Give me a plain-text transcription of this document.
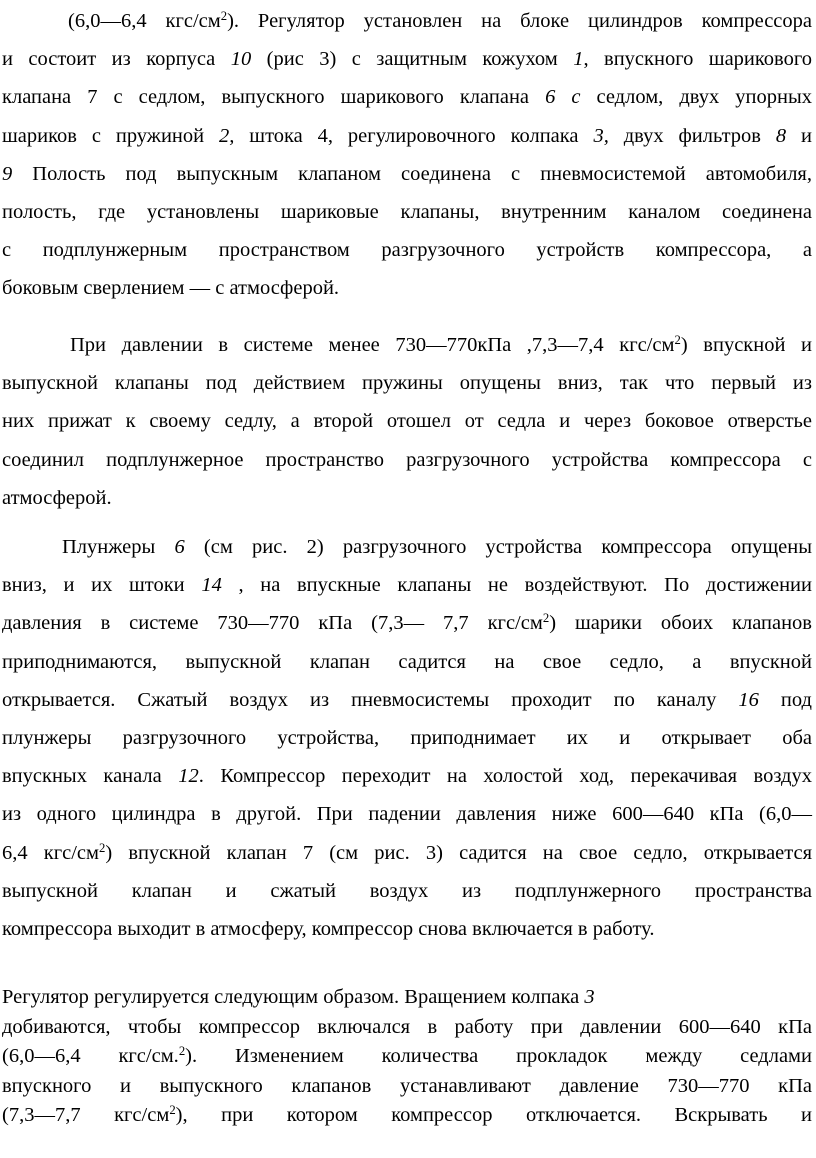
(6,0—6,4 кгс/$см^2$). Регулятор установлен на блоке цилиндров компрессора
и состоит из корпуса 10 (рис 3) с защитным кожухом 1, впускного шарикового
клапана 7 с седлом, выпускного шарикового клапана 6 с седлом, двух упорных
шариков с пружиной 2, штока 4, регулировочного колпака 3, двух фильтров 8 и
9 Полость под выпускным клапаном соединена с пневмосистемой автомобиля,
полость, где установлены шариковые клапаны, внутренним каналом соединена
с подплунжерным пространством разгрузочного устройств компрессора, а
боковым сверлением — с атмосферой.
При давлении в системе менее 730—770кПа ,7,3—7,4 кгс/$см^2$) впускной и
выпускной клапаны под действием пружины опущены вниз, так что первый из
них прижат к своему седлу, а второй отошел от седла и через боковое отверстье
соединил подплунжерное пространство разгрузочного устройства компрессора с
атмосферой.
Плунжеры 6 (см рис. 2) разгрузочного устройства компрессора опущены
вниз, и их штоки 14 , на впускные клапаны не воздействуют. По достижении
давления в системе 730—770 кПа (7,3— 7,7 кгс/$см^2$) шарики обоих клапанов
приподнимаются, выпускной клапан садится на свое седло, а впускной
открывается. Сжатый воздух из пневмосистемы проходит по каналу 16 под
плунжеры разгрузочного устройства, приподнимает их и открывает оба
впускных канала 12. Компрессор переходит на холостой ход, перекачивая воздух
из одного цилиндра в другой. При падении давления ниже 600—640 кПа (6,0—
6,4 кгс/$см^2$) впускной клапан 7 (см рис. 3) садится на свое седло, открывается
выпускной клапан и сжатый воздух из подплунжерного пространства
компрессора выходит в атмосферу, компрессор снова включается в работу.
Регулятор регулируется следующим образом. Вращением колпака 3
добиваются, чтобы компрессор включался в работу при давлении 600—640 кПа
(6,0—6,4 кгс/см.$^2$). Изменением количества прокладок между седлами
впускного и выпускного клапанов устанавливают давление 730—770 кПа
(7,3—7,7 кгс/$см^2$), при котором компрессор отключается. Вскрывать и
